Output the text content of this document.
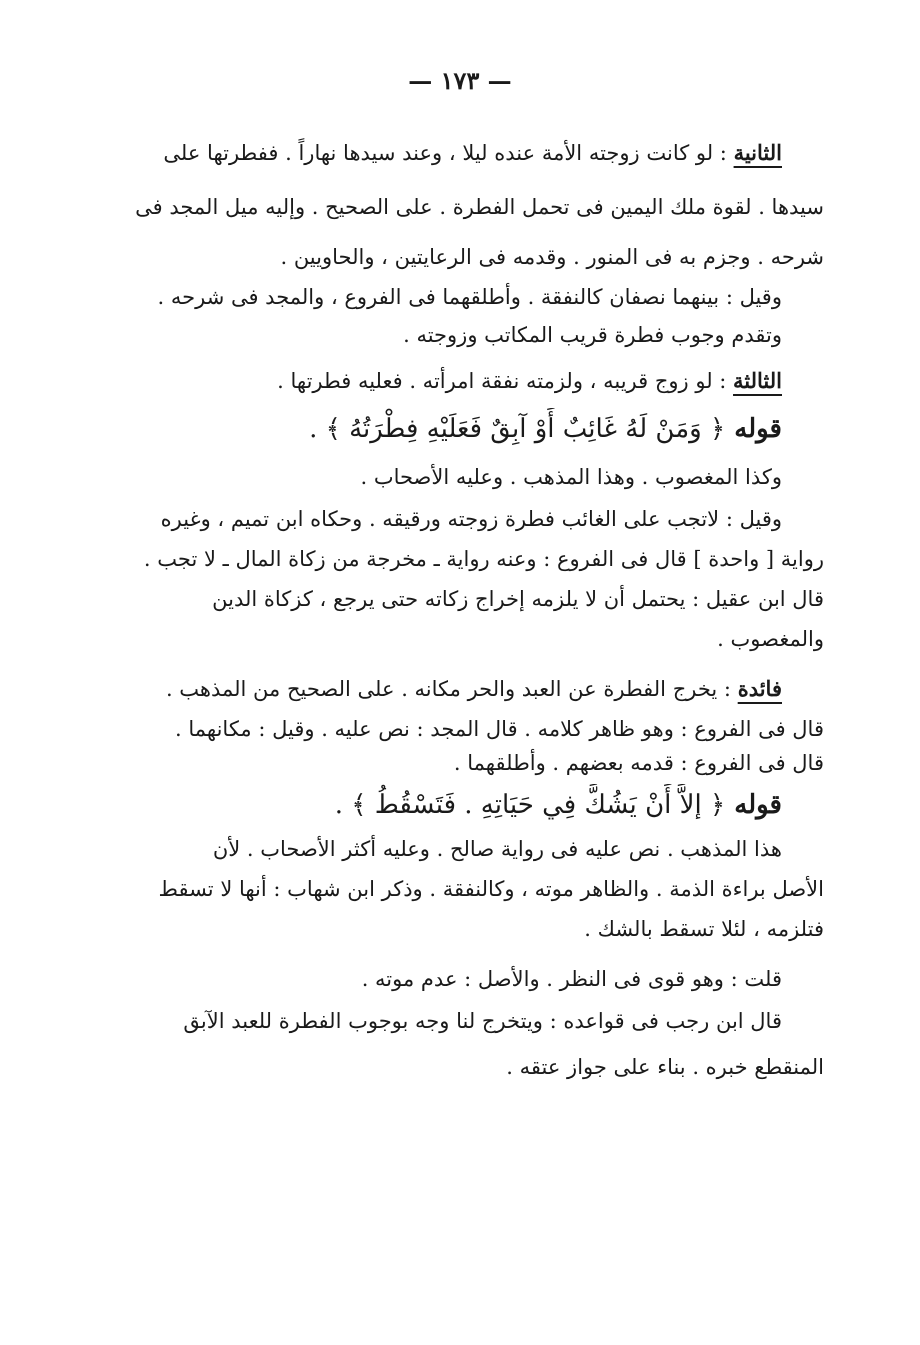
— ١٧٣ —
الثانية : لو كانت زوجته الأمة عنده ليلا ، وعند سيدها نهاراً . ففطرتها على
سيدها . لقوة ملك اليمين فى تحمل الفطرة . على الصحيح . وإليه ميل المجد فى
شرحه . وجزم به فى المنور . وقدمه فى الرعايتين ، والحاويين .
وقيل : بينهما نصفان كالنفقة . وأطلقهما فى الفروع ، والمجد فى شرحه .
وتقدم وجوب فطرة قريب المكاتب وزوجته .
الثالثة : لو زوج قريبه ، ولزمته نفقة امرأته . فعليه فطرتها .
قوله ﴿ وَمَنْ لَهُ غَائِبٌ أَوْ آبِقٌ فَعَلَيْهِ فِطْرَتُهُ ﴾ .
وكذا المغصوب . وهذا المذهب . وعليه الأصحاب .
وقيل : لاتجب على الغائب فطرة زوجته ورقيقه . وحكاه ابن تميم ، وغيره
رواية [ واحدة ] قال فى الفروع : وعنه رواية ـ مخرجة من زكاة المال ـ لا تجب .
قال ابن عقيل : يحتمل أن لا يلزمه إخراج زكاته حتى يرجع ، كزكاة الدين
والمغصوب .
فائدة : يخرج الفطرة عن العبد والحر مكانه . على الصحيح من المذهب .
قال فى الفروع : وهو ظاهر كلامه . قال المجد : نص عليه . وقيل : مكانهما .
قال فى الفروع : قدمه بعضهم . وأطلقهما .
قوله ﴿ إلاَّ أَنْ يَشُكَّ فِي حَيَاتِهِ . فَتَسْقُطُ ﴾ .
هذا المذهب . نص عليه فى رواية صالح . وعليه أكثر الأصحاب . لأن
الأصل براءة الذمة . والظاهر موته ، وكالنفقة . وذكر ابن شهاب : أنها لا تسقط
فتلزمه ، لئلا تسقط بالشك .
قلت : وهو قوى فى النظر . والأصل : عدم موته .
قال ابن رجب فى قواعده : ويتخرج لنا وجه بوجوب الفطرة للعبد الآبق
المنقطع خبره . بناء على جواز عتقه .
